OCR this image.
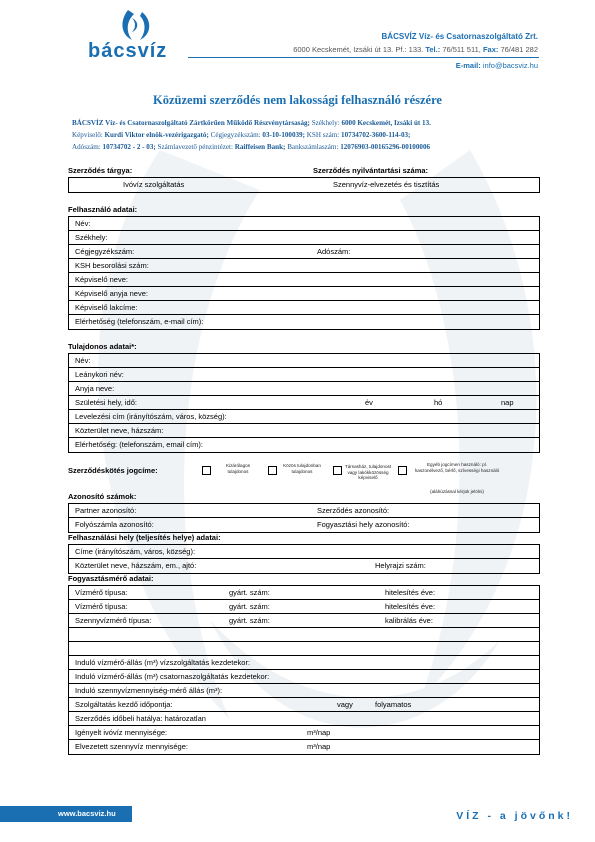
bácsvíz
BÁCSVÍZ Víz- és Csatornaszolgáltató Zrt.
6000 Kecskemét, Izsáki út 13. Pf.: 133. Tel.: 76/511 511, Fax: 76/481 282
E-mail: info@bacsviz.hu
Közüzemi szerződés nem lakossági felhasználó részére
BÁCSVÍZ Víz- és Csatornaszolgáltató Zártkörűen Működő Részvénytársaság; Székhely: 6000 Kecskemét, Izsáki út 13.
Képviselő: Kurdi Viktor elnök-vezérigazgató; Cégjegyzékszám: 03-10-100039; KSH szám: 10734702-3600-114-03;
Adószám: 10734702 - 2 - 03; Számlavezető pénzintézet: Raiffeisen Bank; Bankszámlaszám: 12076903-00165296-00100006
Szerződés tárgya:	Szerződés nyilvántartási száma:
Ivóvíz szolgáltatás	Szennyvíz-elvezetés és tisztítás
Felhasználó adatai:
Név:
Székhely:
Cégjegyzékszám:	Adószám:
KSH besorolási szám:
Képviselő neve:
Képviselő anyja neve:
Képviselő lakcíme:
Elérhetőség (telefonszám, e-mail cím):
Tulajdonos adatai*:
Név:
Leánykori név:
Anyja neve:
Születési hely, idő:	év	hó	nap
Levelezési cím (irányítószám, város, község):
Közterület neve, házszám:
Elérhetőség: (telefonszám, email cím):
Szerződéskötés jogcíme:
Kizárólagos tulajdonos
Közös tulajdonban tulajdonos
Társasház, tulajdonost vagy lakókközösség képviselő
Egyéb jogcímen használó: pl. haszonélvező, bérlő, szívességi használó
(aláhúzással kérjük jelölni)
Azonosító számok:
Partner azonosító:	Szerződés azonosító:
Folyószámla azonosító:	Fogyasztási hely azonosító:
Felhasználási hely (teljesítés helye) adatai:
Címe (irányítószám, város, község):
Közterület neve, házszám, em., ajtó:	Helyrajzi szám:
Fogyasztásmérő adatai:
Vízmérő típusa:	gyárt. szám:	hitelesítés éve:
Vízmérő típusa:	gyárt. szám:	hitelesítés éve:
Szennyvízmérő típusa:	gyárt. szám:	kalibrálás éve:
Induló vízmérő-állás (m³) vízszolgáltatás kezdetekor:
Induló vízmérő-állás (m³) csatornaszolgáltatás kezdetekor:
Induló szennyvízmennyiség-mérő állás (m³):
Szolgáltatás kezdő időpontja:	vagy	folyamatos
Szerződés időbeli hatálya: határozatlan
Igényelt ivóvíz mennyisége:	m³/nap
Elvezetett szennyvíz mennyisége:	m³/nap
www.bacsviz.hu	VÍZ - a jövőnk!
